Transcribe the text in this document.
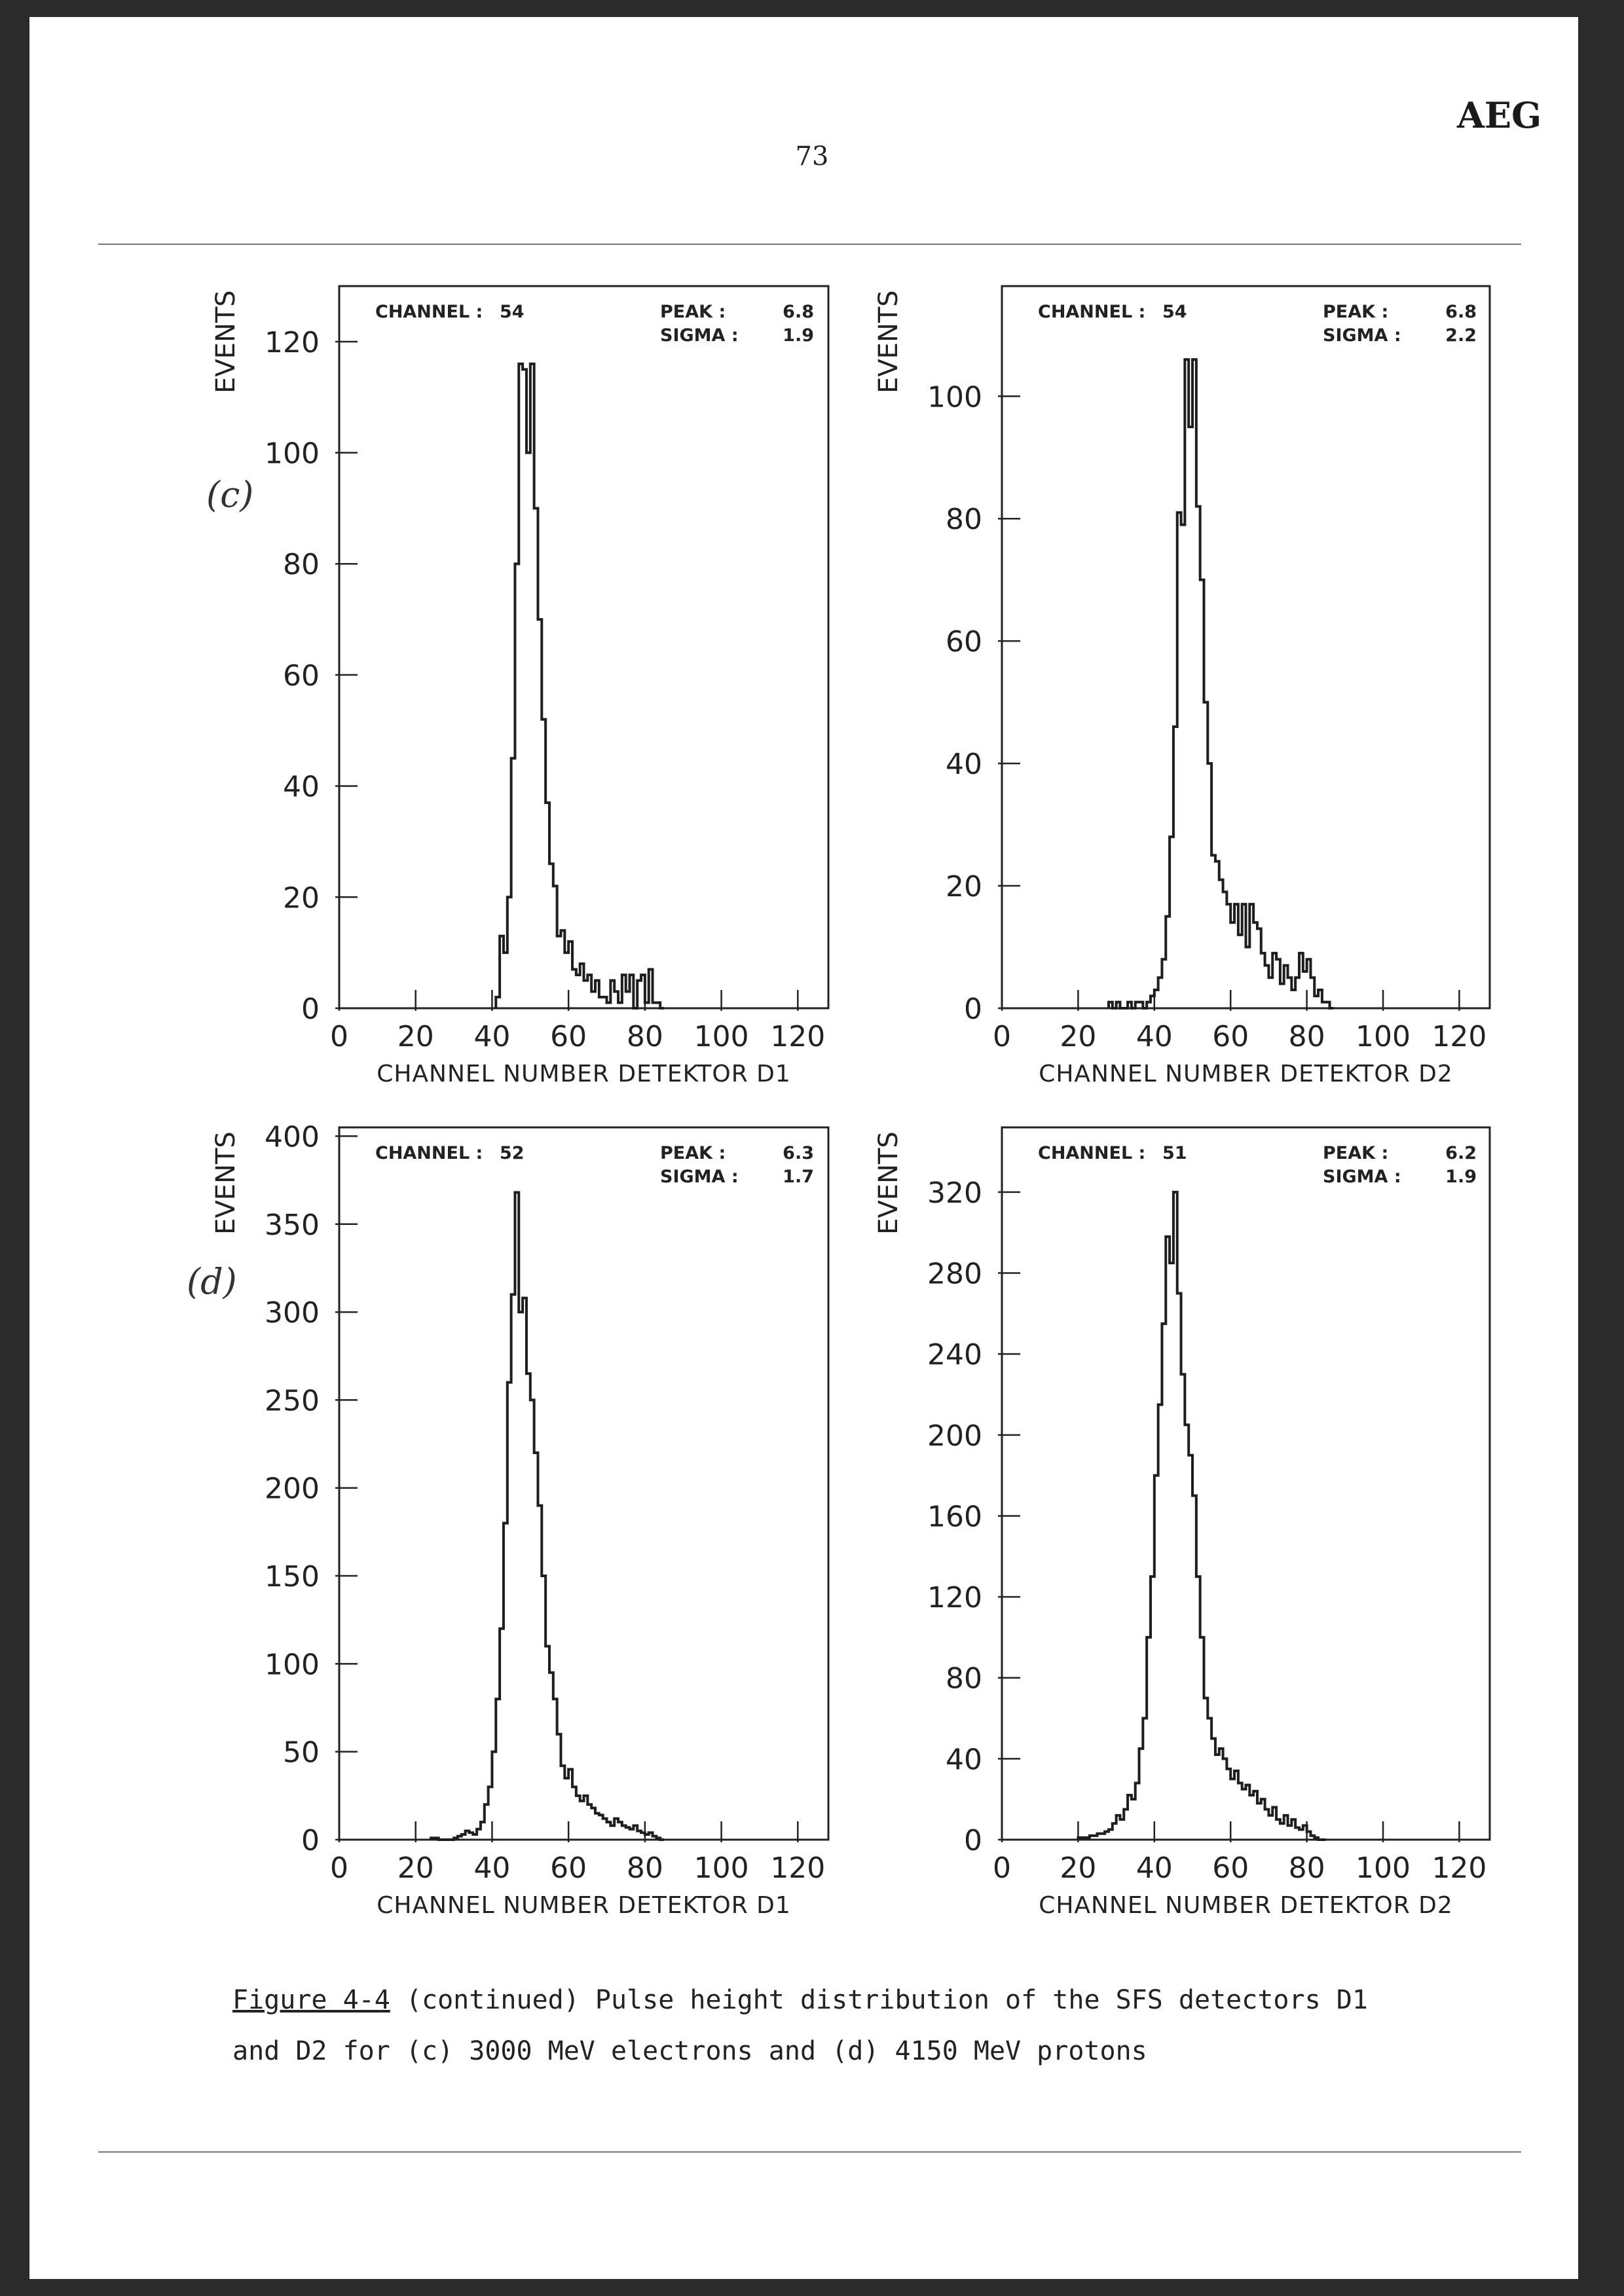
AEG
73
(c)
(d)
Figure 4-4 (continued) Pulse height distribution of the SFS detectors D1
and D2 for (c) 3000 MeV electrons and (d) 4150 MeV protons
0
20
40
60
80
100
120
0 20 40 60 80 100 120
CHANNEL NUMBER DETEKTOR D1
EVENTS	CHANNEL : 54	PEAK :	6.8
SIGMA :	1.9
0
20
40
60
80
100
0 20 40 60 80 100 120
CHANNEL NUMBER DETEKTOR D2
EVENTS	CHANNEL : 54	PEAK :	6.8
SIGMA :	2.2
0
50
100
150
200
250
300
350
400
0 20 40 60 80 100 120
CHANNEL NUMBER DETEKTOR D1
EVENTS	CHANNEL : 52	PEAK :	6.3
SIGMA :	1.7
0
40
80
120
160
200
240
280
320
0 20 40 60 80 100 120
CHANNEL NUMBER DETEKTOR D2
EVENTS	CHANNEL : 51	PEAK :	6.2
SIGMA :	1.9
